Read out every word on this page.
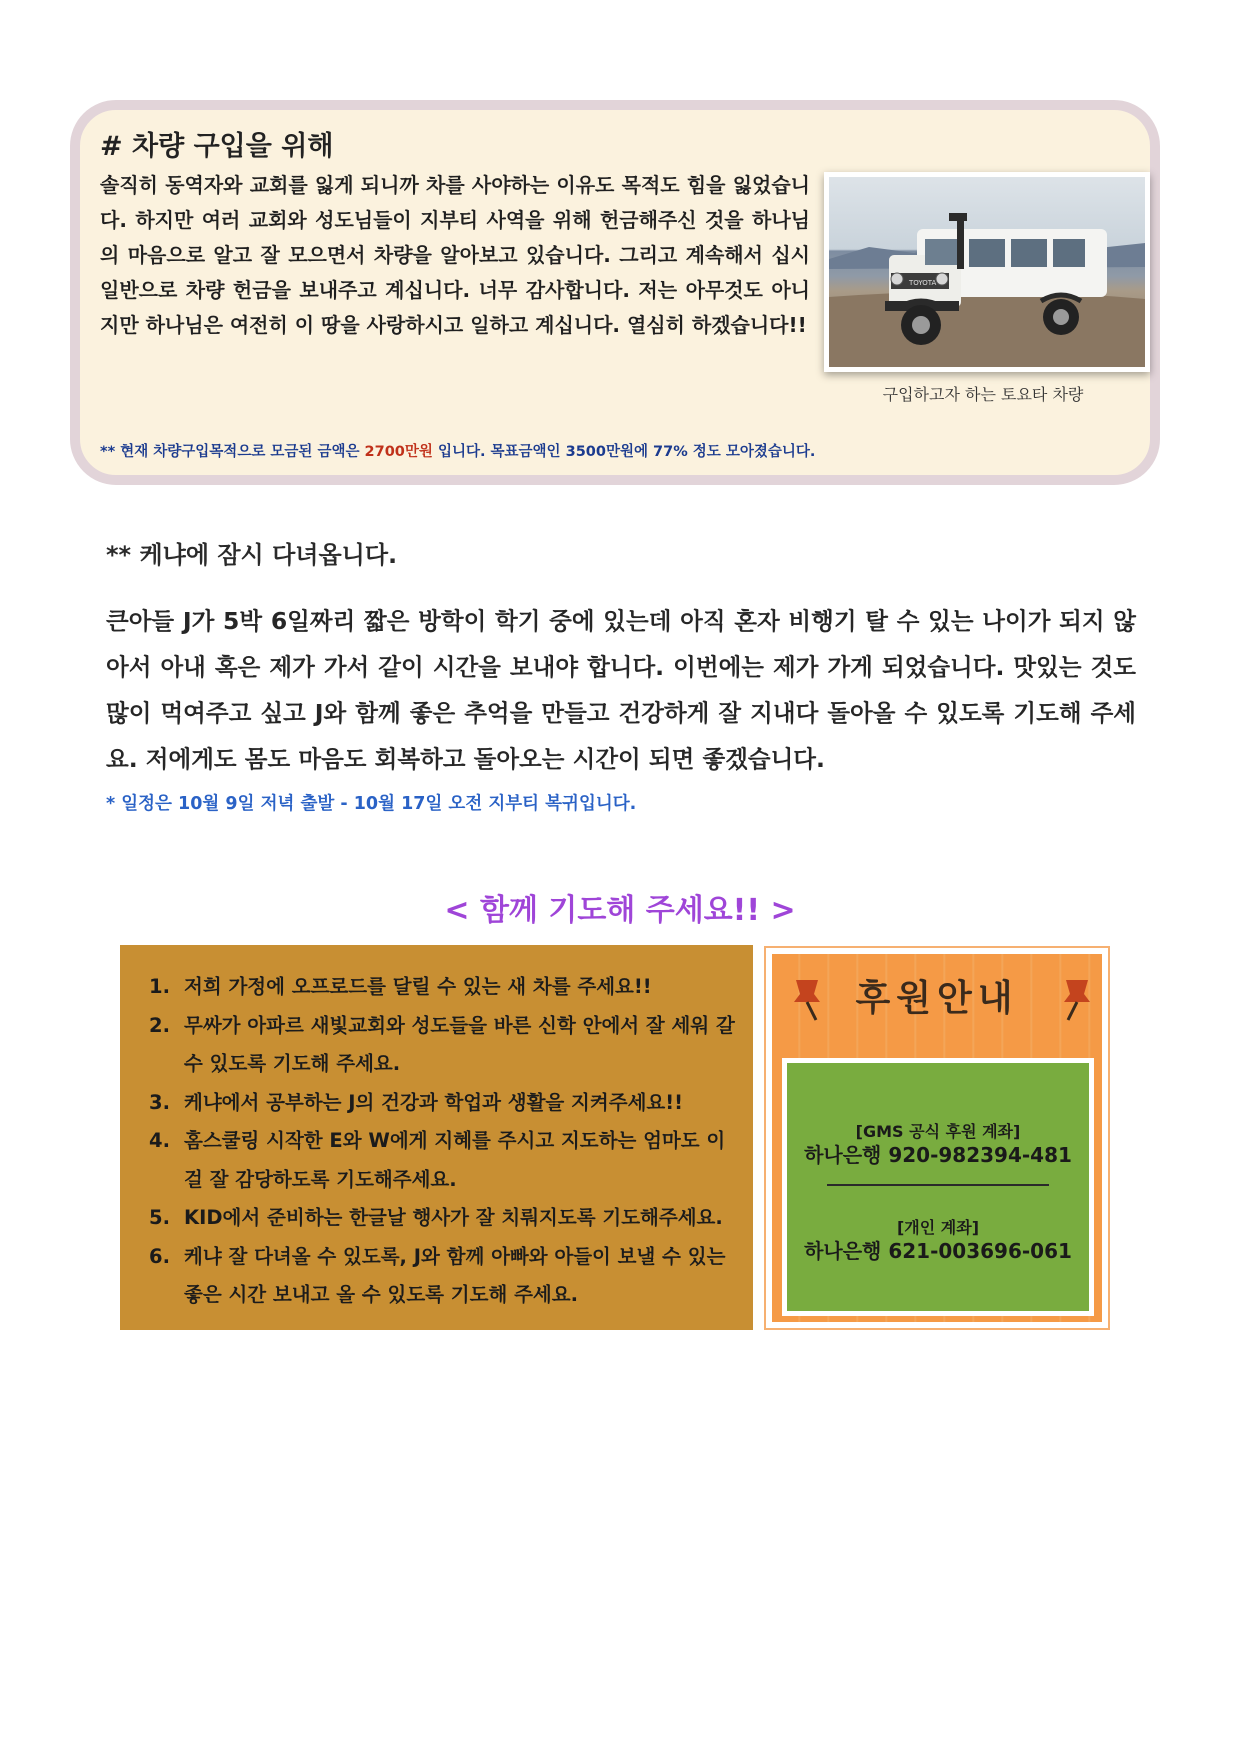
# 차량 구입을 위해
솔직히 동역자와 교회를 잃게 되니까 차를 사야하는 이유도 목적도 힘을 잃었습니다. 하지만 여러 교회와 성도님들이 지부티 사역을 위해 헌금해주신 것을 하나님의 마음으로 알고 잘 모으면서 차량을 알아보고 있습니다. 그리고 계속해서 십시일반으로 차량 헌금을 보내주고 계십니다. 너무 감사합니다. 저는 아무것도 아니지만 하나님은 여전히 이 땅을 사랑하시고 일하고 계십니다. 열심히 하겠습니다!!
TOYOTA
구입하고자 하는 토요타 차량
** 현재 차량구입목적으로 모금된 금액은 2700만원 입니다. 목표금액인 3500만원에 77% 정도 모아졌습니다.
** 케냐에 잠시 다녀옵니다.
큰아들 J가 5박 6일짜리 짧은 방학이 학기 중에 있는데 아직 혼자 비행기 탈 수 있는 나이가 되지 않아서 아내 혹은 제가 가서 같이 시간을 보내야 합니다. 이번에는 제가 가게 되었습니다. 맛있는 것도 많이 먹여주고 싶고 J와 함께 좋은 추억을 만들고 건강하게 잘 지내다 돌아올 수 있도록 기도해 주세요. 저에게도 몸도 마음도 회복하고 돌아오는 시간이 되면 좋겠습니다.
* 일정은 10월 9일 저녁 출발 - 10월 17일 오전 지부티 복귀입니다.
< 함께 기도해 주세요!! >
1. 저희 가정에 오프로드를 달릴 수 있는 새 차를 주세요!!
2. 무싸가 아파르 새빛교회와 성도들을 바른 신학 안에서 잘 세워 갈 수 있도록 기도해 주세요.
3. 케냐에서 공부하는 J의 건강과 학업과 생활을 지켜주세요!!
4. 홈스쿨링 시작한 E와 W에게 지혜를 주시고 지도하는 엄마도 이걸 잘 감당하도록 기도해주세요.
5. KID에서 준비하는 한글날 행사가 잘 치뤄지도록 기도해주세요.
6. 케냐 잘 다녀올 수 있도록, J와 함께 아빠와 아들이 보낼 수 있는 좋은 시간 보내고 올 수 있도록 기도해 주세요.
후원안내
[GMS 공식 후원 계좌]
하나은행 920-982394-481
[개인 계좌]
하나은행 621-003696-061
